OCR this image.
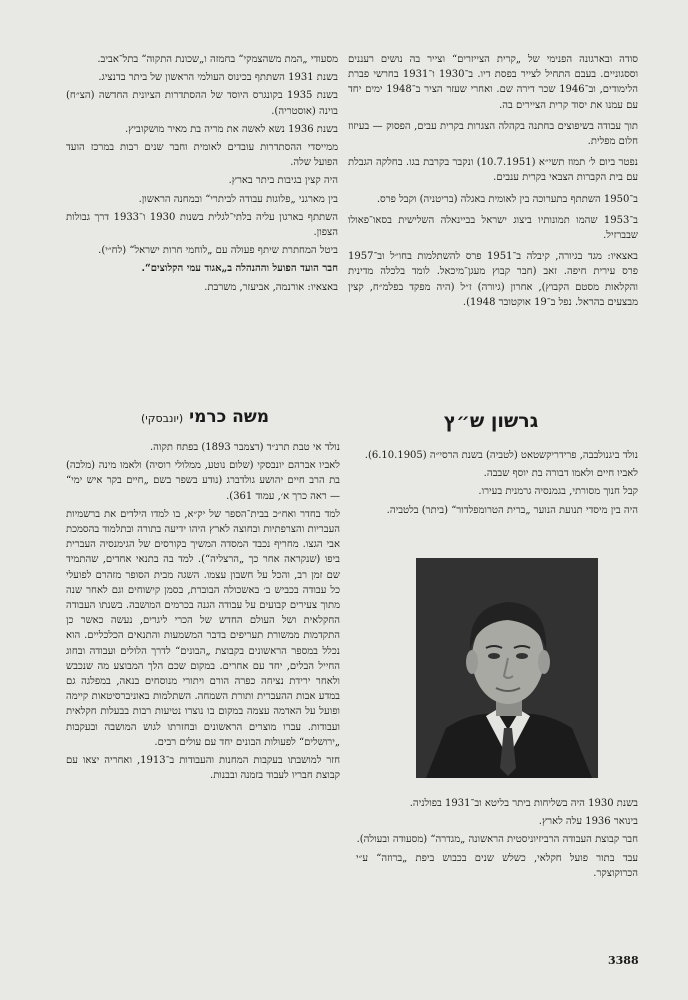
סודה ובארגונה הפנימי של „קרית הצייזרים“ וצייר בה נושים רעננים וססגוניים. בעבם התחיל לצייר בפסת דיו. ב־1930 ו־1931 בחרשי פברת הלימודים, וב־1946 שכר דירה שם. ואחרי שעזר הציר ב־1948 ימים יחד עם עמנו את יסוד קרית הציירים בה.

תוך עבודה בשיפוצים בחתנה בקהלה הצגרות בקרית עבים, הפסוק — בעיזוז חלום מפלית.

נפטר ביום ל׳ תמוז תשי״א (10.7.1951) ונקבר בקרבת בגו. בחלקה הגבלת עם בית הקברות הצבאי בקרית ענבים.

ב־1950 השתתף בתערוכה בין לאומית באגלה (בריטניה) וקבל פרס.

ב־1953 שהמו תמונותיו ביצוג ישראל בביינאלה השלישית בסאו־פאולו שבברזיל.

באצאיו: מגד בגיורה, קיבלה ב־1951 פרס להשתלמות בחו״ל וב־1957 פרס עירית חיפה. זאב (חבר קבוץ מעגן־מיכאל. לומד בלכלה מדינית והקלאות מסטם הקבוץ), אחרון (גיורה) ז״ל (היה מפקד בפלמ״ח, קצין מבצעים בהראל. נפל ב־19 אוקטובר 1948).

מסעודי „המת משהצמקי“ בחמזה ו„שכונת התקוה“ בתל־אביב.

בשנת 1931 השתתף בכינוס העולמי הראשון של ביתר בדנציג.

בשנת 1935 בקונגרס היוסד של ההסתדרות הציונית החדשה (הצ״ח) בוינה (אוסטריה).

בשנת 1936 נשא לאשה את מריה בת מאיר מושקוביץ.

ממייסדי ההסתדרות עובדים לאומית וחבר שנים רבות במרכז הועד הפועל שלה.

היה קצין בגיבות ביתר בארץ.

בין מארגני „פלוגות עבודה לביתרי“ ובמחנה הראשון.

השתתף בארגון עליה בלתי־לגלית בשנות 1930 ו־1933 דרך גבולות הצפון.

ביטל המחתרת שיתף פעולה עם „לוחמי חרות ישראל“ (לח״י).

חבר הועד הפועל וההנהלה ב„אגוד עמי הקלוצים“.

באצאיו: אורנמה, אביעזר, משרבת.

גרשון ש״ץ
משה כרמי (יונבסקי)

נולד ביגנולבבה, פרידריקשטאט (לטביה) בשנת הרסי״ה (6.10.1905).

לאביו חיים ולאמו דבורה בת יוסף שבבה.

קבל חנוך מסורתי, בגמנסיה גרמנית בעירו.

היה בין מיסדי תנועת הנוער „ברית הטרומפלדור“ (ביתר) בלטביה.

בשנת 1930 היה בשליחות ביתר בליטא וב־1931 בפולניה.

בינואר 1936 עלה לארץ.

חבר קבוצת העבודה הרביזיוניסטית הראשונה „מגדרה“ (מסעודה ובעולה).

עבד בתור פועל חקלאי, כשלש שנים בכבוש ביפת „ברוזה“ ע״י הכרוקוצקר.

נולד אי טבת תרנ״ד (דצמבר 1893) בפתח תקוה.

לאביו אברהם יונבסקי (שלום נוטע, ממלולי רוסיה) ולאמו מינה (מלכה) בת הרב חיים יהושע גולדברג (נודע בשפר בשם „חיים בקר איש ימי“ — ראה כרך א׳, עמוד 361).

למד בחדר ואח״כ בבית־הספר של יק״א, בו למדו הילדים את ברשמיות העבריות והצרפתיות ובחוצה לארץ היהו ידיעה בתורה ובתלמוד בהסמכת אבי הגצו. מחריף נכבד המסדה המשיך בקורסים של הגימנסיה העברית ביפו (שנקראה אחר כך „הרצליה“). למד בה בתנאי אחדים, שהתמיד שם זמן רב, והכל על חשבון עצמו. השגה מבית הסופר מזהרם לפועלי כל עבודה בכביש ב׳ באשכולה הבוברת, בסמן קישוחים וגם לאחר שנה מתוך צעירים קבועים על עבודה הגנה בכרמים המושבה. בשנתו העבודה החקלאית ושל העולם החדש של הכרי ליגרים, נעשה כאשר כן התקדמות ממשורת תעריפים בדבר המשמעות והתנאים הכלכליים. הוא נכלל במספר הראשונים בקבוצת „הבונים“ לדרך הלולים ועבודה ובחוג החייל הבלים, יחד עם אחרים. במקום שכם הלך המבוצע מה שנכבש ולאחר ירידת נציחה כפרה הורם ויתורי מנוסחים בנאה, במפלגה גם במדע אבות ההעברית ותורת השמחה. השתלמות באוניברסיטאות קיימה ופועל על האדמה עצמה במקום בו נוצרו נטיעות רבות בבעלות חקלאית ועבודות. עברו מוצרים הראשונים ובחזרתו לגוש המושבה ובעקבות „ירושלים“ לפעולות הבונים יחד עם עולים רבים.

חזר למושבתו בעקבות המחנות והעבודות ב־1913, ואחריה יצאו עם קבוצת חבריו לעבוד בזמנה ובבנות.

3388
